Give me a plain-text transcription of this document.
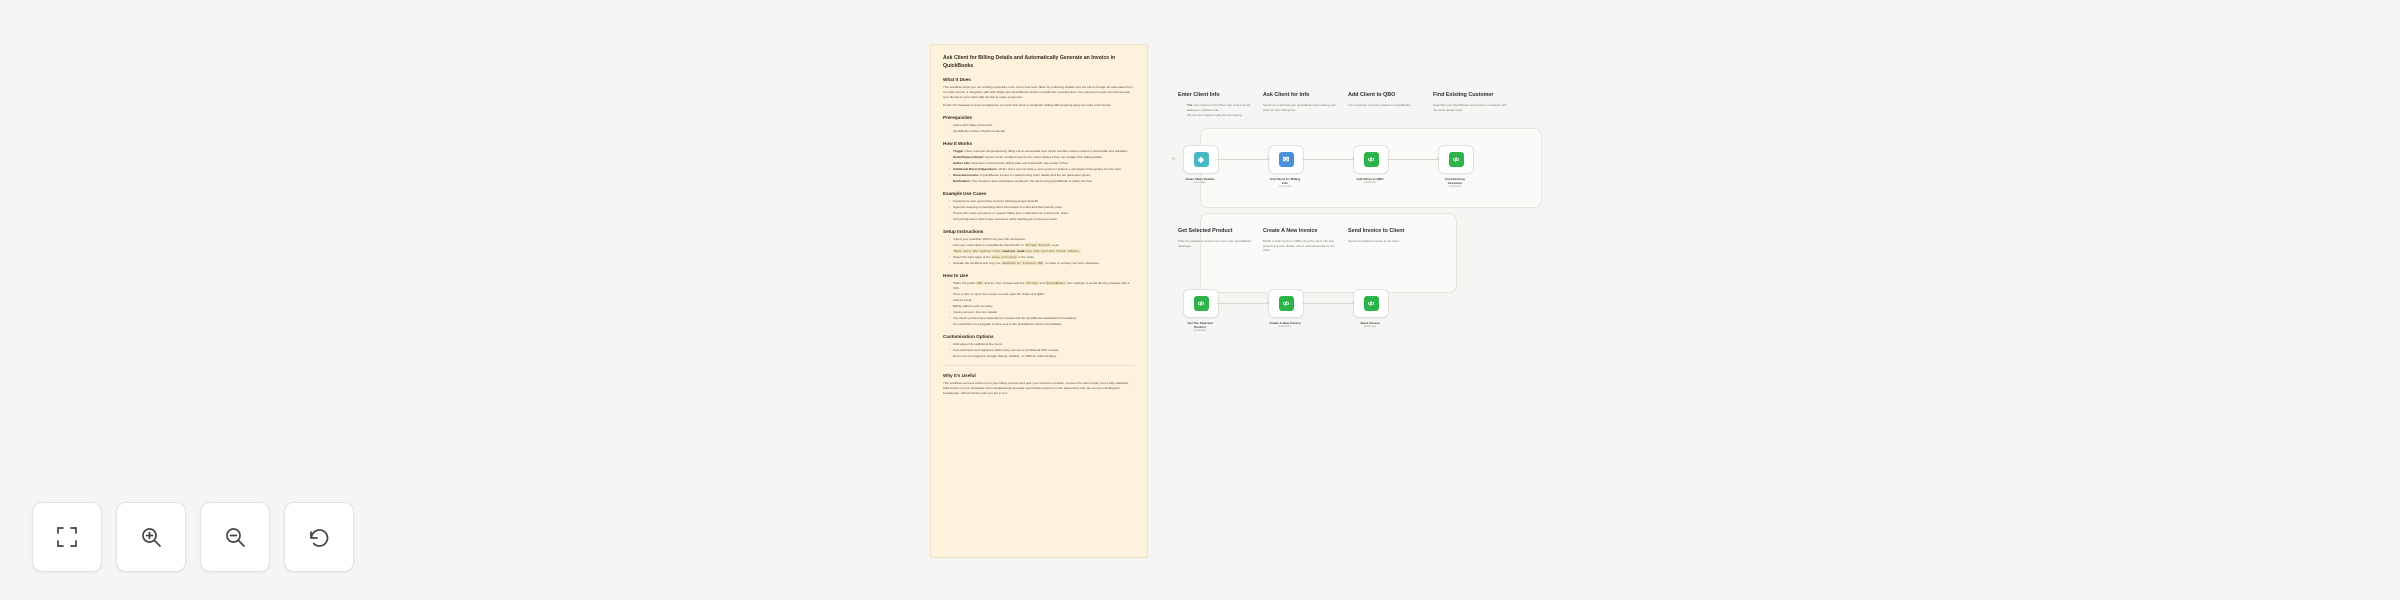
Ask Client for Billing Details and Automatically Generate an Invoice in QuickBooks
What It Does

This workflow helps you run a billing procedure once a form has been filled. By collecting details from the client through an automated form or a web source, it integrates with both Stripe and QuickBooks Online to handle the invoicing flow. Your payment invoice records are also sent directly to your client with the link to make a payment.

Perfect for freelancers and consultancies or teams that want to streamline billing without giving away an entire work stream.

Prerequisites
• Active with Stripe account ID
• QuickBooks Online OAuth2 credential
How It Works
• Trigger: New customer list questioning: filling out an automated form which bundles custom options in accessible and standard.
• Send Request Email: Issues out the emailed need for the client asking if they can update their billing details.
• Gather Info: Flow then constructs the billing state and build each new model of flow.
• Additional Record Operations: all the client record inside a new record is created: a submission flow getting into the start.
• Generate Invoice: A QuickBooks invoice is created using client details and the set parameter prices.
• Notification: The invoice is auto-saved/auto-emailed to the client using QuickBooks or within the flow.
Example Use Cases
• Freelancers auto-generating invoices following project kickoffs.
• Agencies keeping on-boarding client information in a fast and flow-friendly array.
• Teams who want a prospect or request billing from a standard set of accounts, client.
• Accounting teams who'd save resources while batching an invoice per week.
Setup Instructions
• Import your workflow JSON into your n8n workspace.
• Add your credentials for QuickBooks OAuth2 API or Stripe Secret node.
• Make sure the public form capture node has the correct field labels.
• Select the right value of the base_currency in the node.
• Activate the workflow and copy the Webhook or invoice URL to share or embed your form elsewhere.
How to Use
• Share the public URL that the form creates with the Stripe and QuickBooks form settings. It would directly populate with a URL.
• Once a form is used, the invoice records span the Stripe and QBO:
• Client's email
• Billing address and company
• Invoice amount, line item details
• The client synchronizes dependency created and the QuickBooks Dashboard immediately.
• It's a workflow for a payable invoice sent to the QuickBooks Online immediately.
Customisation Options
• Add support for additional line items.
• Auto-add taxes and signature tables (they convert a Conditional PDF receipt).
• Run more out logging to Google Sheets, Airtable, or CRM for audit tracking.
Why It's Useful

This workflow removes friction from your billing process and gets your invoices out faster. Convert the client inquiry into a fully-validated, paid invoice in your workplace and a bookkeeping-accurate record that everyone on the accounting side can access including the bookkeeper, without all the work you put in to it.

Enter Client Info
• The new customer form fills in the correct email address or address info.
• All your form data is ready for processing.
Ask Client for Info

Sends an email that your QuickBooks form asking your client for their billing info.

Add Client to QBO

Your customer record is created in QuickBooks.

Find Existing Customer

Searches your QuickBooks account for a customer with the exact details used.

◈
Enter Client Details
form trigger
✉
Ask Client for Billing Info
send email
qb
Add Client to QBO
quickbooks
qb
Find Existing Customer
quickbooks
Get Selected Product

Pulls the product or service item from your QuickBooks catalogue.

Create A New Invoice

Builds a draft invoice in QBO using the client info and product line item details, plus a calculated total for the client.

Send Invoice to Client

Sends the finished invoice to the client.

qb
Get The Selected Product
quickbooks
qb
Create A New Invoice
quickbooks
qb
Send Invoice
quickbooks
